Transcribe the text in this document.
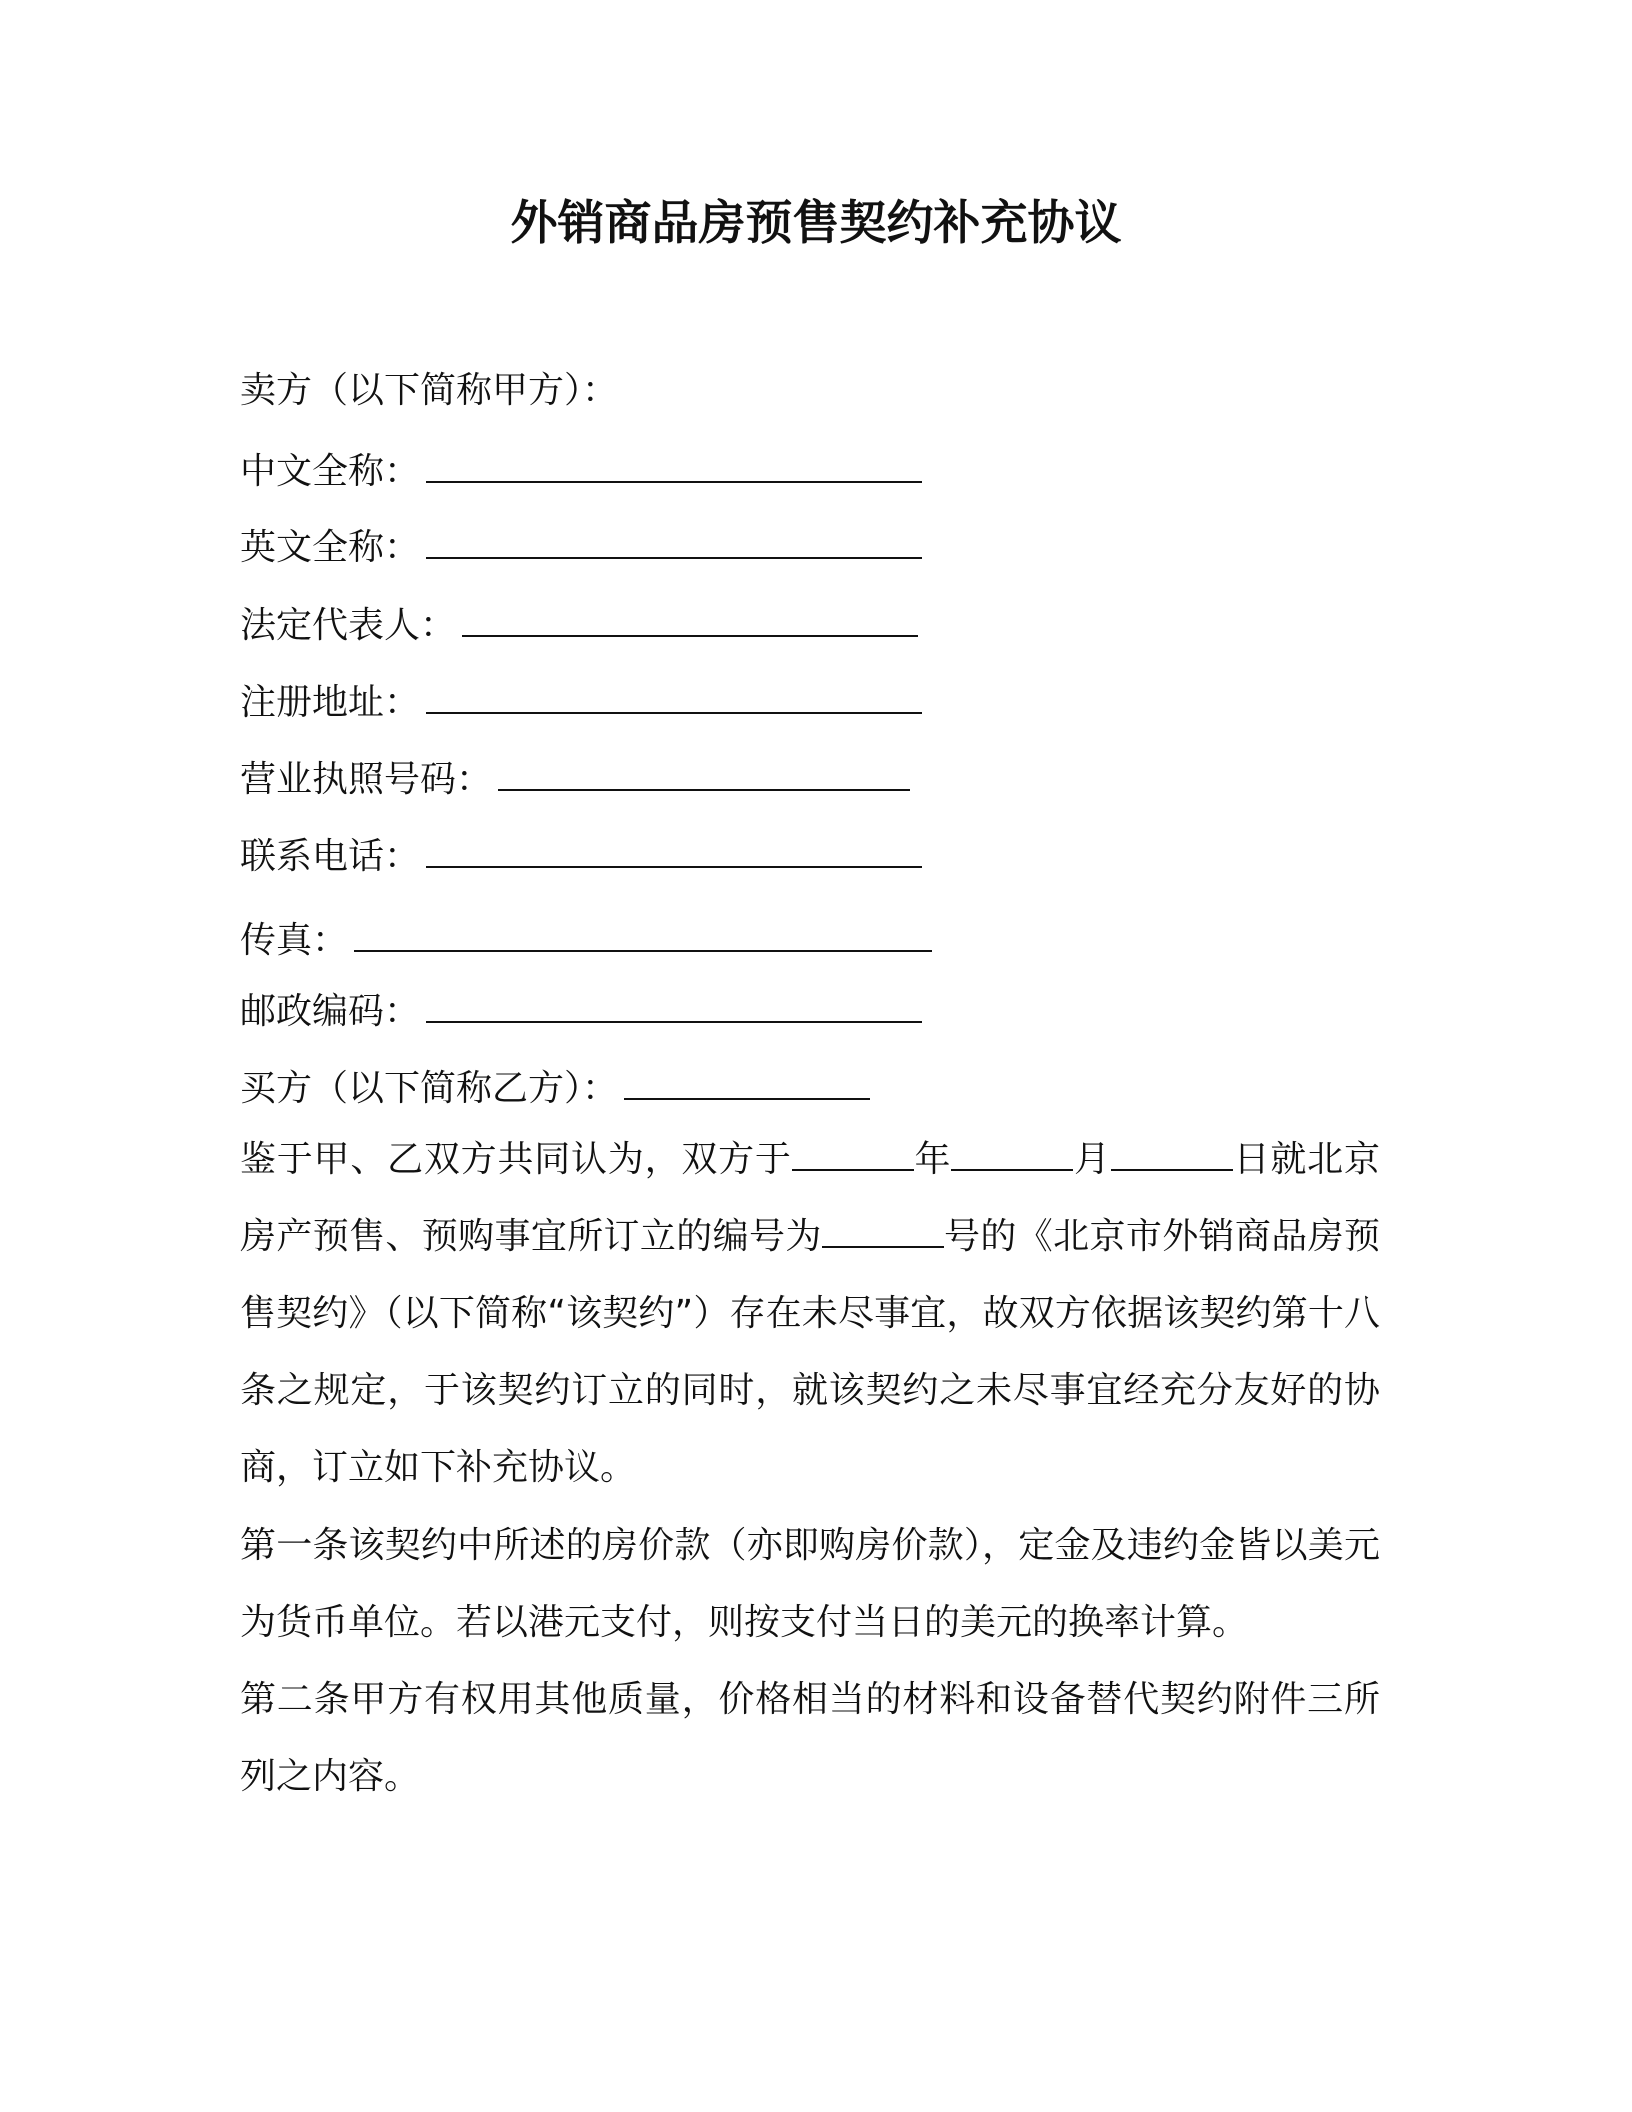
外销商品房预售契约补充协议
卖方（以下简称甲方）：
中文全称：
英文全称：
法定代表人：
注册地址：
营业执照号码：
联系电话：
传真：
邮政编码：
买方（以下简称乙方）：
鉴于甲、乙双方共同认为，双方于	年	月	日就北京房产预售、预购事宜所订立的编号为	号的《北京市外销商品房预售契约》（以下简称“该契约”）存在未尽事宜，故双方依据该契约第十八条之规定，于该契约订立的同时，就该契约之未尽事宜经充分友好的协商，订立如下补充协议。
第一条该契约中所述的房价款（亦即购房价款），定金及违约金皆以美元为货币单位。若以港元支付，则按支付当日的美元的换率计算。
第二条甲方有权用其他质量，价格相当的材料和设备替代契约附件三所列之内容。
